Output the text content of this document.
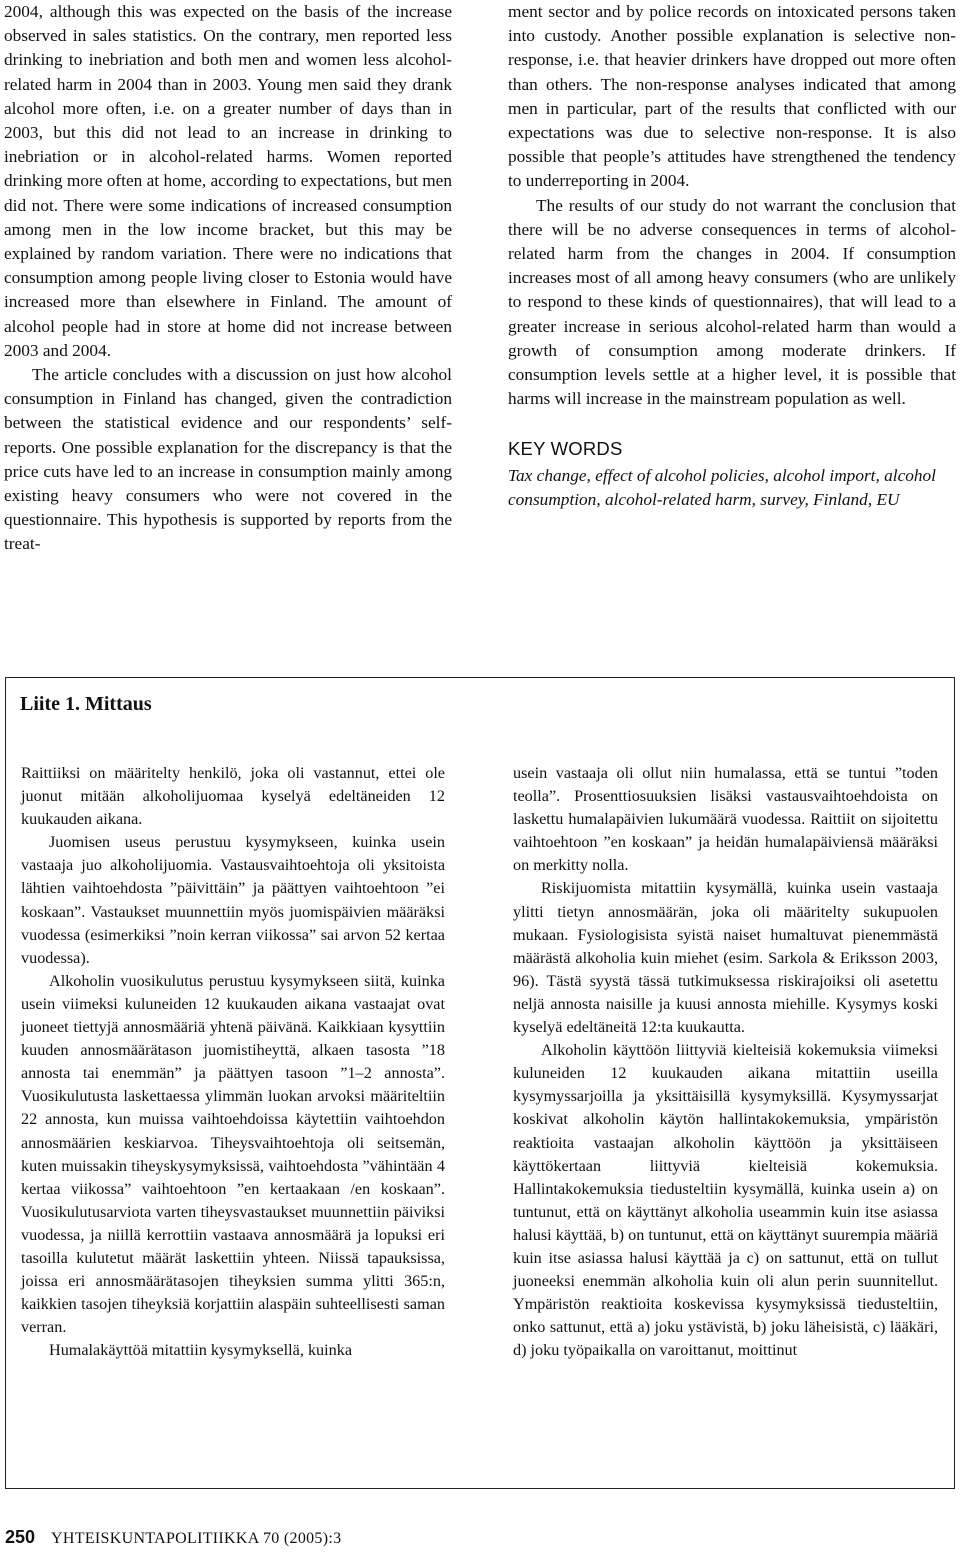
2004, although this was expected on the basis of the increase observed in sales statistics. On the contrary, men reported less drinking to inebriation and both men and women less alcohol-related harm in 2004 than in 2003. Young men said they drank alcohol more often, i.e. on a greater number of days than in 2003, but this did not lead to an increase in drinking to inebriation or in alcohol-related harms. Women reported drinking more often at home, according to expectations, but men did not. There were some indications of increased consumption among men in the low income bracket, but this may be explained by random variation. There were no indications that consumption among people living closer to Estonia would have increased more than elsewhere in Finland. The amount of alcohol people had in store at home did not increase between 2003 and 2004.

The article concludes with a discussion on just how alcohol consumption in Finland has changed, given the contradiction between the statistical evidence and our respondents’ self-reports. One possible explanation for the discrepancy is that the price cuts have led to an increase in consumption mainly among existing heavy consumers who were not covered in the questionnaire. This hypothesis is supported by reports from the treat-

ment sector and by police records on intoxicated persons taken into custody. Another possible explanation is selective non-response, i.e. that heavier drinkers have dropped out more often than others. The non-response analyses indicated that among men in particular, part of the results that conflicted with our expectations was due to selective non-response. It is also possible that people’s attitudes have strengthened the tendency to underreporting in 2004.

The results of our study do not warrant the conclusion that there will be no adverse consequences in terms of alcohol-related harm from the changes in 2004. If consumption increases most of all among heavy consumers (who are unlikely to respond to these kinds of questionnaires), that will lead to a greater increase in serious alcohol-related harm than would a growth of consumption among moderate drinkers. If consumption levels settle at a higher level, it is possible that harms will increase in the mainstream population as well.

KEY WORDS

Tax change, effect of alcohol policies, alcohol import, alcohol consumption, alcohol-related harm, survey, Finland, EU

Liite 1. Mittaus

Raittiiksi on määritelty henkilö, joka oli vastannut, ettei ole juonut mitään alkoholijuomaa kyselyä edeltäneiden 12 kuukauden aikana.

Juomisen useus perustuu kysymykseen, kuinka usein vastaaja juo alkoholijuomia. Vastausvaihtoehtoja oli yksitoista lähtien vaihtoehdosta ”päivittäin” ja päättyen vaihtoehtoon ”ei koskaan”. Vastaukset muunnettiin myös juomispäivien määräksi vuodessa (esimerkiksi ”noin kerran viikossa” sai arvon 52 kertaa vuodessa).

Alkoholin vuosikulutus perustuu kysymykseen siitä, kuinka usein viimeksi kuluneiden 12 kuukauden aikana vastaajat ovat juoneet tiettyjä annosmääriä yhtenä päivänä. Kaikkiaan kysyttiin kuuden annosmäärätason juomistiheyttä, alkaen tasosta ”18 annosta tai enemmän” ja päättyen tasoon ”1–2 annosta”. Vuosikulutusta laskettaessa ylimmän luokan arvoksi määriteltiin 22 annosta, kun muissa vaihtoehdoissa käytettiin vaihtoehdon annosmäärien keskiarvoa. Tiheysvaihtoehtoja oli seitsemän, kuten muissakin tiheyskysymyksissä, vaihtoehdosta ”vähintään 4 kertaa viikossa” vaihtoehtoon ”en kertaakaan /en koskaan”. Vuosikulutusarviota varten tiheysvastaukset muunnettiin päiviksi vuodessa, ja niillä kerrottiin vastaava annosmäärä ja lopuksi eri tasoilla kulutetut määrät laskettiin yhteen. Niissä tapauksissa, joissa eri annosmäärätasojen tiheyksien summa ylitti 365:n, kaikkien tasojen tiheyksiä korjattiin alaspäin suhteellisesti saman verran.

Humalakäyttöä mitattiin kysymyksellä, kuinka

usein vastaaja oli ollut niin humalassa, että se tuntui ”toden teolla”. Prosenttiosuuksien lisäksi vastausvaihtoehdoista on laskettu humalapäivien lukumäärä vuodessa. Raittiit on sijoitettu vaihtoehtoon ”en koskaan” ja heidän humalapäiviensä määräksi on merkitty nolla.

Riskijuomista mitattiin kysymällä, kuinka usein vastaaja ylitti tietyn annosmäärän, joka oli määritelty sukupuolen mukaan. Fysiologisista syistä naiset humaltuvat pienemmästä määrästä alkoholia kuin miehet (esim. Sarkola & Eriksson 2003, 96). Tästä syystä tässä tutkimuksessa riskirajoiksi oli asetettu neljä annosta naisille ja kuusi annosta miehille. Kysymys koski kyselyä edeltäneitä 12:ta kuukautta.

Alkoholin käyttöön liittyviä kielteisiä kokemuksia viimeksi kuluneiden 12 kuukauden aikana mitattiin useilla kysymyssarjoilla ja yksittäisillä kysymyksillä. Kysymyssarjat koskivat alkoholin käytön hallintakokemuksia, ympäristön reaktioita vastaajan alkoholin käyttöön ja yksittäiseen käyttökertaan liittyviä kielteisiä kokemuksia. Hallintakokemuksia tiedusteltiin kysymällä, kuinka usein a) on tuntunut, että on käyttänyt alkoholia useammin kuin itse asiassa halusi käyttää, b) on tuntunut, että on käyttänyt suurempia määriä kuin itse asiassa halusi käyttää ja c) on sattunut, että on tullut juoneeksi enemmän alkoholia kuin oli alun perin suunnitellut. Ympäristön reaktioita koskevissa kysymyksissä tiedusteltiin, onko sattunut, että a) joku ystävistä, b) joku läheisistä, c) lääkäri, d) joku työpaikalla on varoittanut, moittinut

250 YHTEISKUNTAPOLITIIKKA 70 (2005):3
